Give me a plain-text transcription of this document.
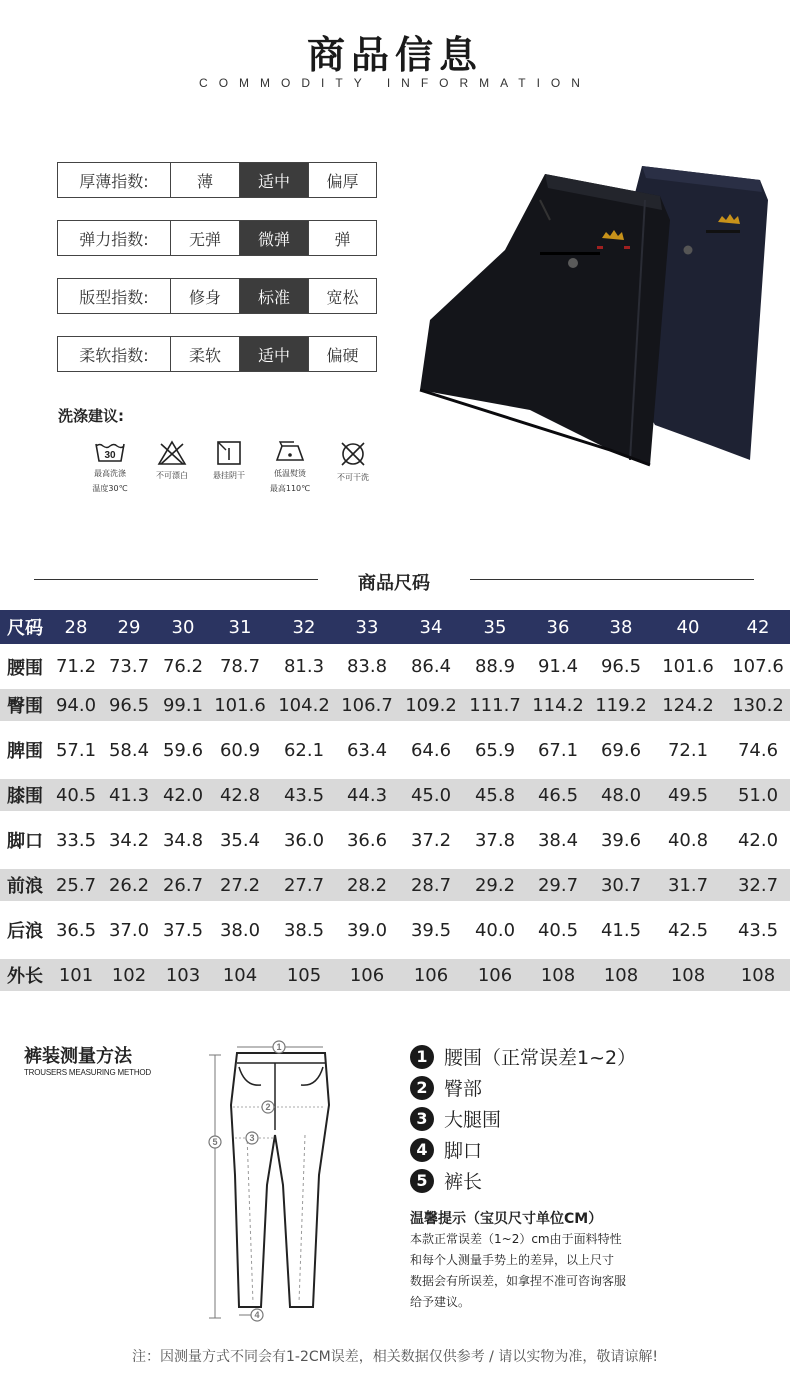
商品信息
COMMODITY INFORMATION
厚薄指数:	薄	适中	偏厚
弹力指数:	无弹	微弹	弹
版型指数:	修身	标准	宽松
柔软指数:	柔软	适中	偏硬
洗涤建议:
30
最高洗涤
温度30℃
不可漂白	悬挂阴干	低温熨烫
最高110℃
不可干洗
商品尺码
尺码	28	29	30	31	32	33	34	35	36	38	40	42
腰围	71.2	73.7	76.2	78.7	81.3	83.8	86.4	88.9	91.4	96.5	101.6	107.6
臀围	94.0	96.5	99.1	101.6	104.2	106.7	109.2	111.7	114.2	119.2	124.2	130.2
脾围	57.1	58.4	59.6	60.9	62.1	63.4	64.6	65.9	67.1	69.6	72.1	74.6
膝围	40.5	41.3	42.0	42.8	43.5	44.3	45.0	45.8	46.5	48.0	49.5	51.0
脚口	33.5	34.2	34.8	35.4	36.0	36.6	37.2	37.8	38.4	39.6	40.8	42.0
前浪	25.7	26.2	26.7	27.2	27.7	28.2	28.7	29.2	29.7	30.7	31.7	32.7
后浪	36.5	37.0	37.5	38.0	38.5	39.0	39.5	40.0	40.5	41.5	42.5	43.5
外长	101	102	103	104	105	106	106	106	108	108	108	108
裤装测量方法
TROUSERS MEASURING METHOD
1
2
3
4
5
1 腰围（正常误差1~2）
2 臀部
3 大腿围
4 脚口
5 裤长
温馨提示（宝贝尺寸单位CM）
本款正常误差（1~2）cm由于面料特性
和每个人测量手势上的差异，以上尺寸
数据会有所误差，如拿捏不准可咨询客服
给予建议。
注：因测量方式不同会有1-2CM误差，相关数据仅供参考 / 请以实物为准，敬请谅解!
